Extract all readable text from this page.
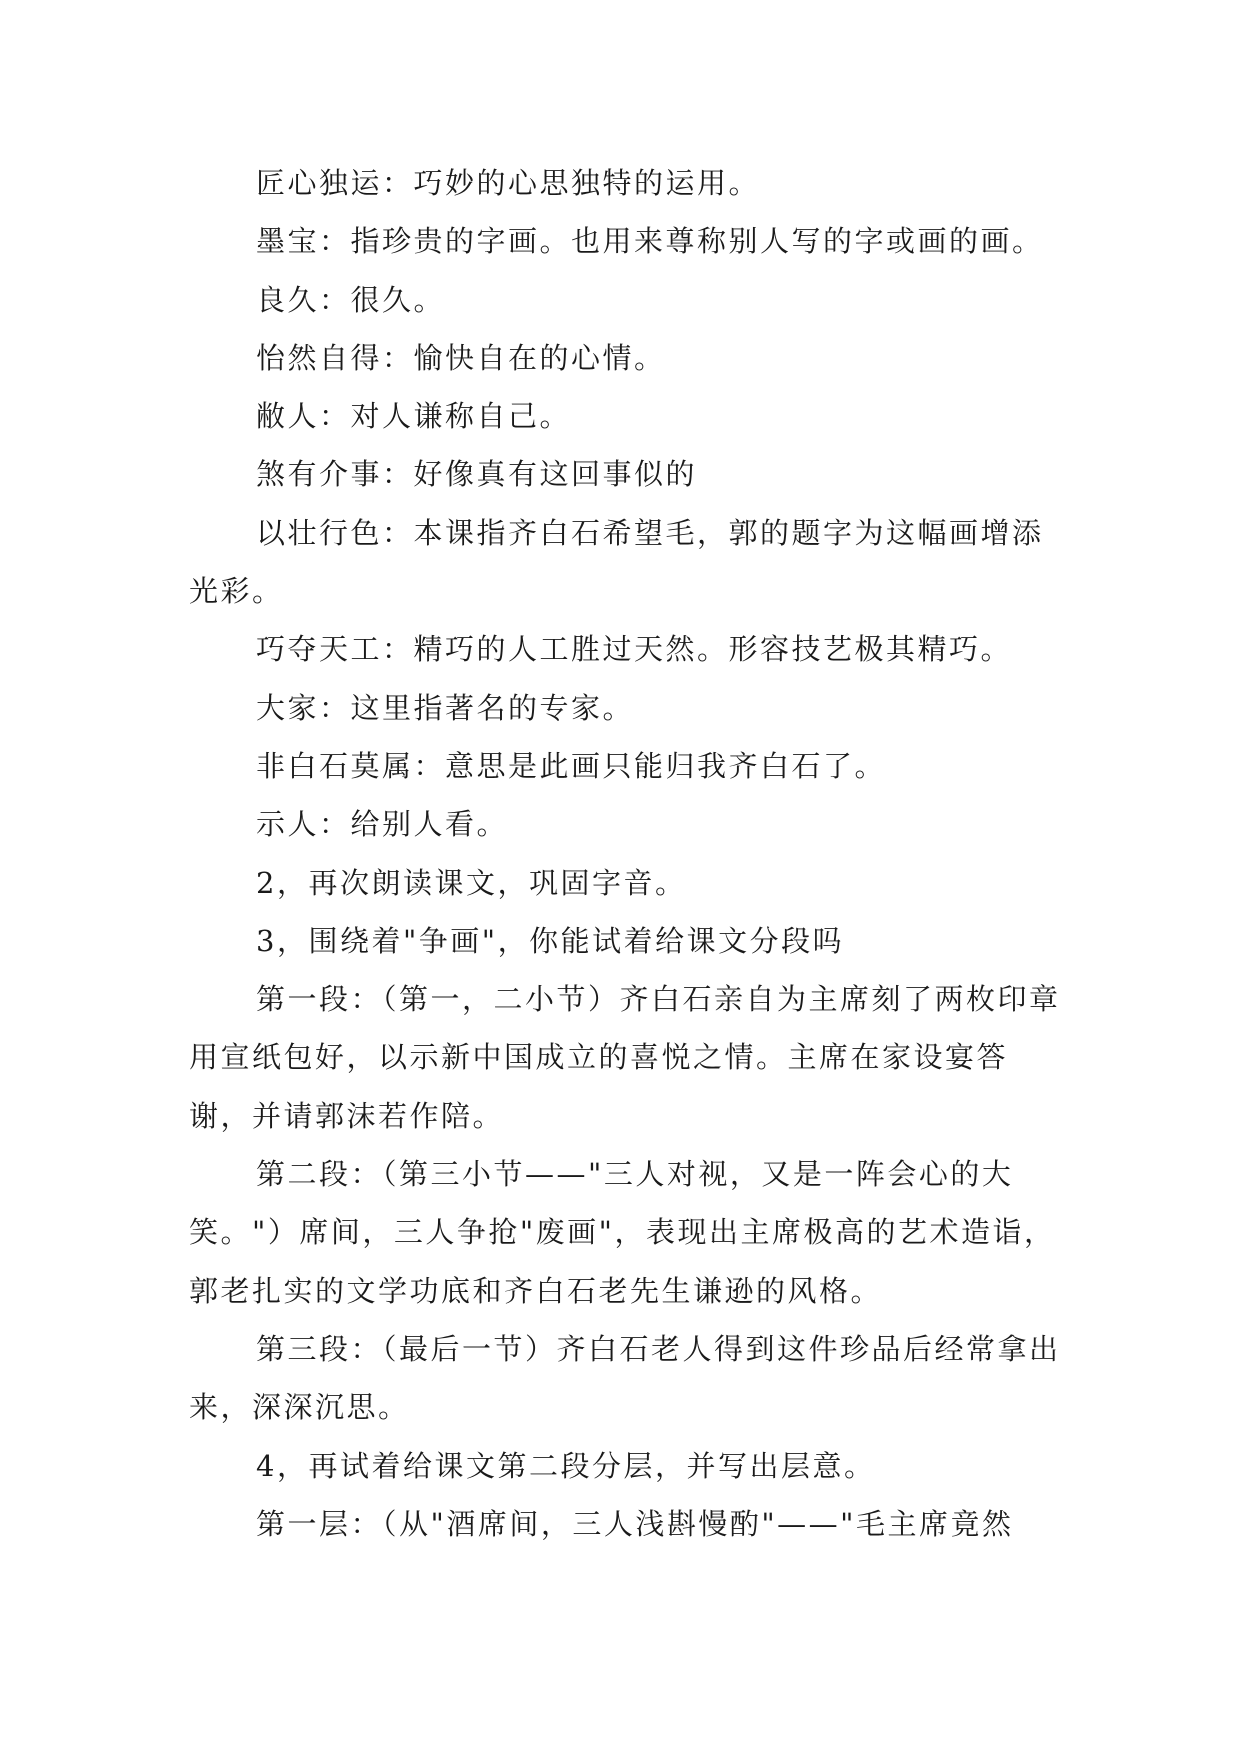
匠心独运：巧妙的心思独特的运用。

墨宝：指珍贵的字画。也用来尊称别人写的字或画的画。

良久：很久。

怡然自得：愉快自在的心情。

敝人：对人谦称自己。

煞有介事：好像真有这回事似的

以壮行色：本课指齐白石希望毛，郭的题字为这幅画增添光彩。

巧夺天工：精巧的人工胜过天然。形容技艺极其精巧。

大家：这里指著名的专家。

非白石莫属：意思是此画只能归我齐白石了。

示人：给别人看。

2，再次朗读课文，巩固字音。

3，围绕着"争画"，你能试着给课文分段吗

第一段：（第一，二小节）齐白石亲自为主席刻了两枚印章用宣纸包好，以示新中国成立的喜悦之情。主席在家设宴答谢，并请郭沫若作陪。

第二段：（第三小节——"三人对视，又是一阵会心的大笑。"）席间，三人争抢"废画"，表现出主席极高的艺术造诣，郭老扎实的文学功底和齐白石老先生谦逊的风格。

第三段：（最后一节）齐白石老人得到这件珍品后经常拿出来，深深沉思。

4，再试着给课文第二段分层，并写出层意。

第一层：（从"酒席间，三人浅斟慢酌"——"毛主席竟然
